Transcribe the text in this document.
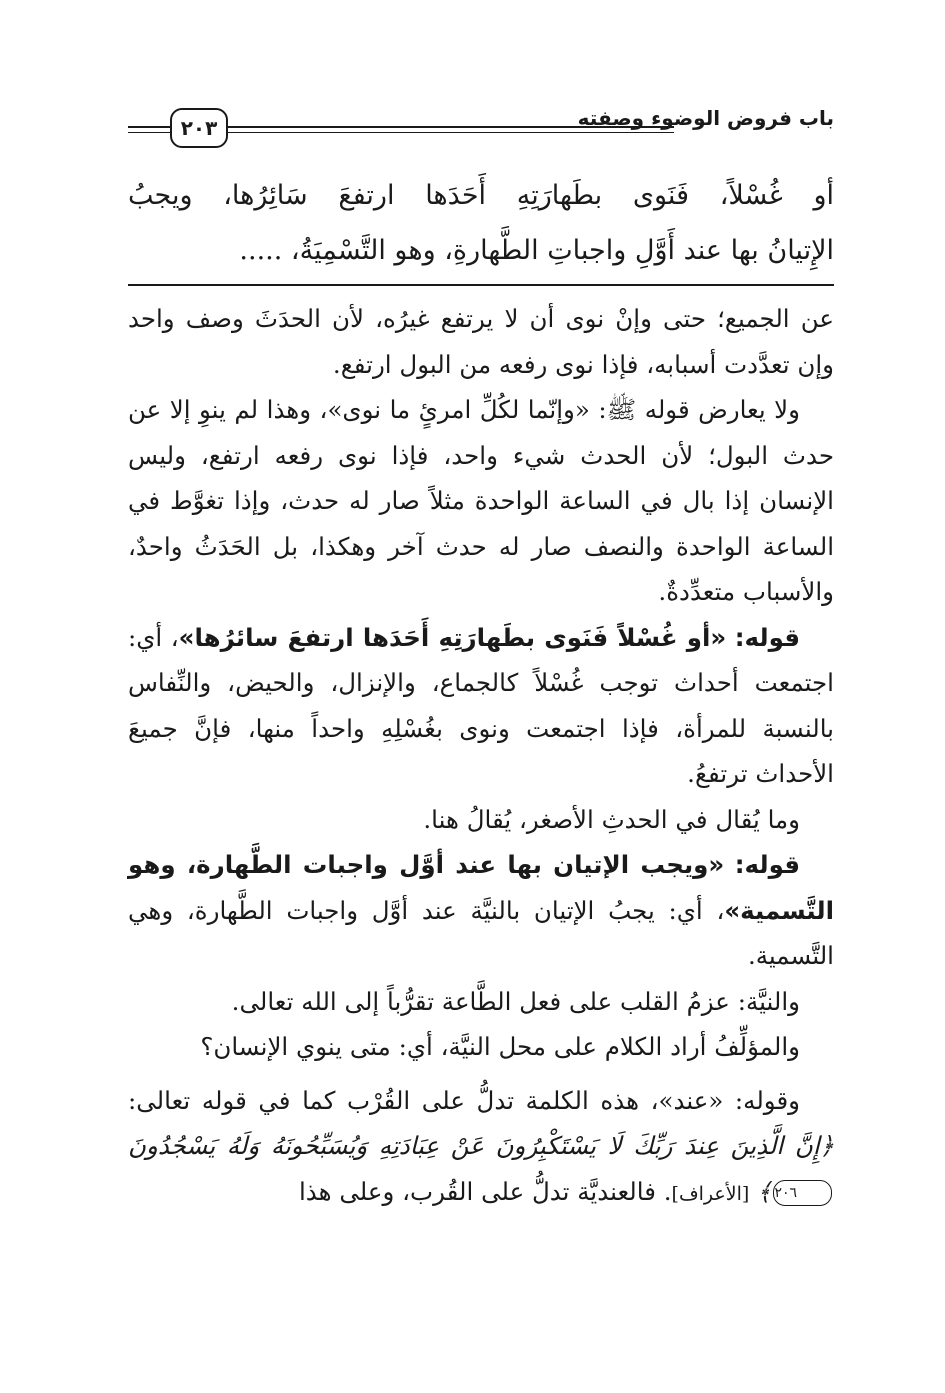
باب فروض الوضوء وصفته
٢٠٣

أو غُسْلاً، فَنَوى بطَهارَتِهِ أَحَدَها ارتفعَ سَائِرُها، ويجبُ

الإِتيانُ بها عند أَوَّلِ واجباتِ الطَّهارةِ، وهو التَّسْمِيَةُ، .....

عن الجميع؛ حتى وإنْ نوى أن لا يرتفع غيرُه، لأن الحدَثَ وصف واحد وإن تعدَّدت أسبابه، فإذا نوى رفعه من البول ارتفع.

ولا يعارض قوله ﷺ: «وإنّما لكُلِّ امرئٍ ما نوى»، وهذا لم ينوِ إلا عن حدث البول؛ لأن الحدث شيء واحد، فإذا نوى رفعه ارتفع، وليس الإنسان إذا بال في الساعة الواحدة مثلاً صار له حدث، وإذا تغوَّط في الساعة الواحدة والنصف صار له حدث آخر وهكذا، بل الحَدَثُ واحدٌ، والأسباب متعدِّدةٌ.

قوله: «أو غُسْلاً فَنَوى بطَهارَتِهِ أَحَدَها ارتفعَ سائرُها»، أي: اجتمعت أحداث توجب غُسْلاً كالجماع، والإنزال، والحيض، والنِّفاس بالنسبة للمرأة، فإذا اجتمعت ونوى بغُسْلِهِ واحداً منها، فإنَّ جميعَ الأحداث ترتفعُ.

وما يُقال في الحدثِ الأصغر، يُقالُ هنا.

قوله: «ويجب الإتيان بها عند أوَّل واجبات الطَّهارة، وهو التَّسمية»، أي: يجبُ الإتيان بالنيَّة عند أوَّل واجبات الطَّهارة، وهي التَّسمية.

والنيَّة: عزمُ القلب على فعل الطَّاعة تقرُّباً إلى الله تعالى.

والمؤلِّفُ أراد الكلام على محل النيَّة، أي: متى ينوي الإنسان؟

وقوله: «عند»، هذه الكلمة تدلُّ على القُرْب كما في قوله تعالى: ﴿إِنَّ الَّذِينَ عِندَ رَبِّكَ لَا يَسْتَكْبِرُونَ عَنْ عِبَادَتِهِ وَيُسَبِّحُونَهُ وَلَهُ يَسْجُدُونَ٢٠٦﴾ [الأعراف]. فالعنديَّة تدلُّ على القُرب، وعلى هذا
